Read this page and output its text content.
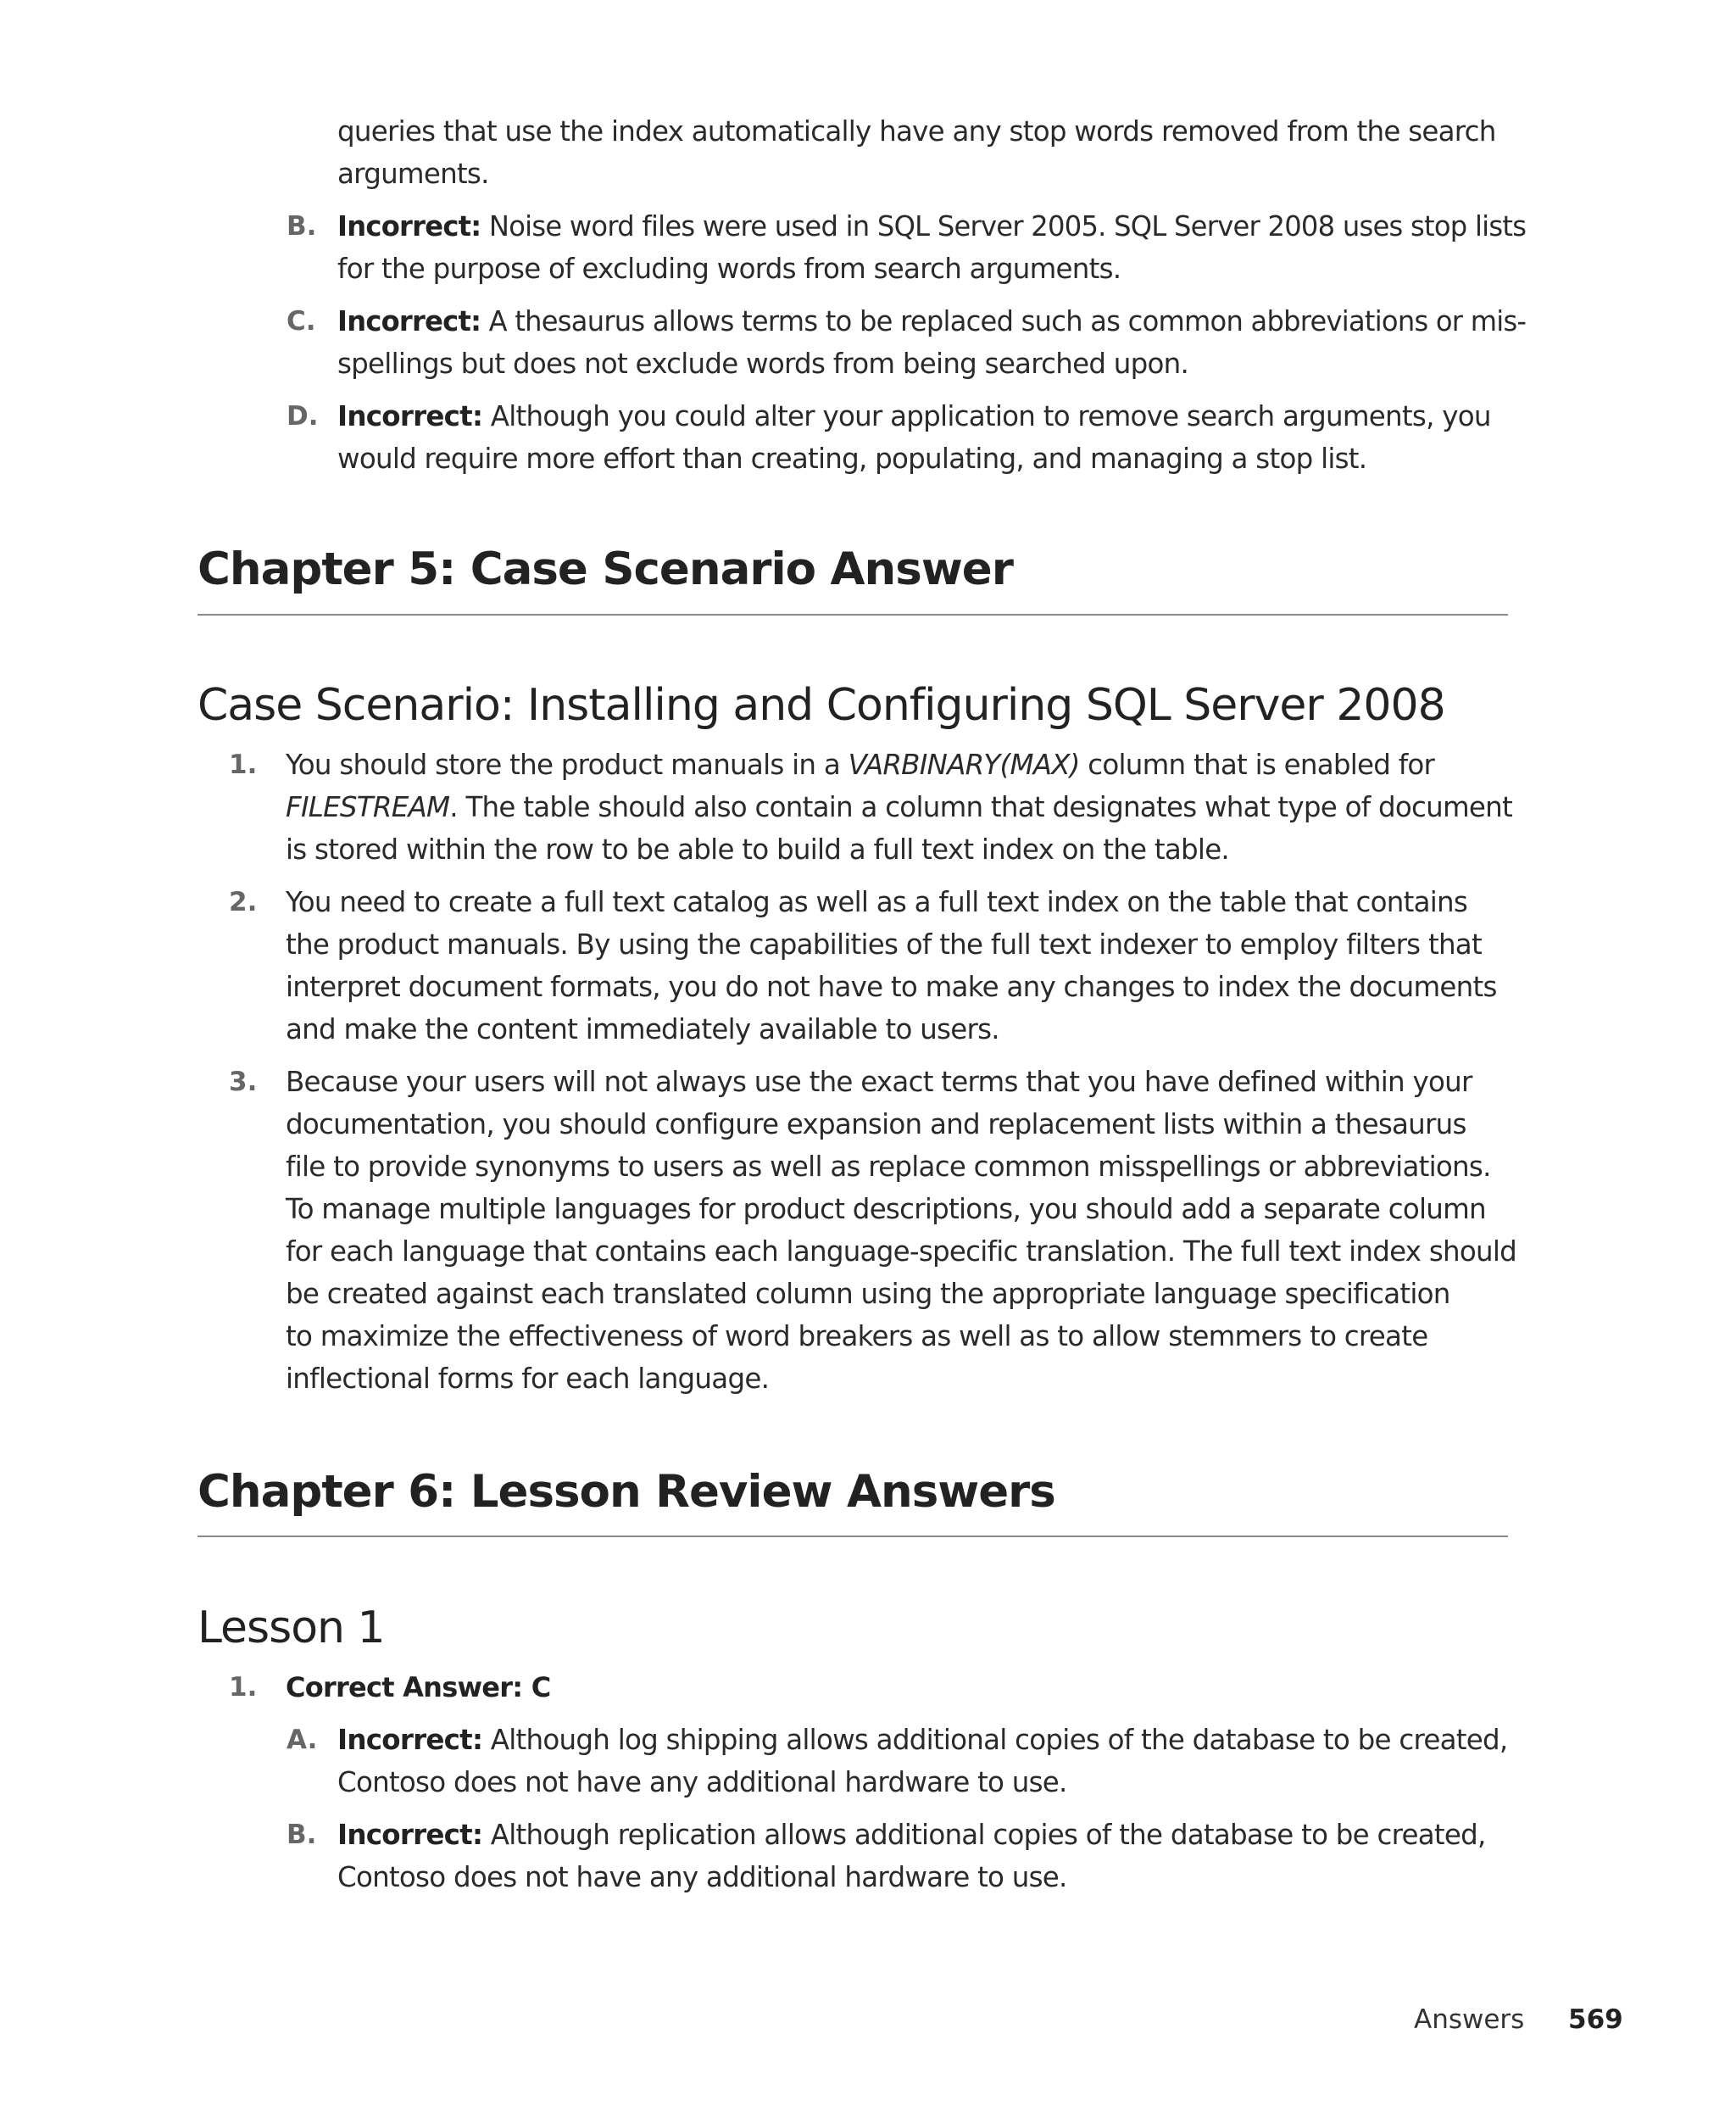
queries that use the index automatically have any stop words removed from the search
arguments.
B. Incorrect: Noise word files were used in SQL Server 2005. SQL Server 2008 uses stop lists
for the purpose of excluding words from search arguments.
C. Incorrect: A thesaurus allows terms to be replaced such as common abbreviations or mis-
spellings but does not exclude words from being searched upon.
D. Incorrect: Although you could alter your application to remove search arguments, you
would require more effort than creating, populating, and managing a stop list.
Chapter 5: Case Scenario Answer
Case Scenario: Installing and Configuring SQL Server 2008
1. You should store the product manuals in a VARBINARY(MAX) column that is enabled for
FILESTREAM. The table should also contain a column that designates what type of document
is stored within the row to be able to build a full text index on the table.
2. You need to create a full text catalog as well as a full text index on the table that contains
the product manuals. By using the capabilities of the full text indexer to employ filters that
interpret document formats, you do not have to make any changes to index the documents
and make the content immediately available to users.
3. Because your users will not always use the exact terms that you have defined within your
documentation, you should configure expansion and replacement lists within a thesaurus
file to provide synonyms to users as well as replace common misspellings or abbreviations.
To manage multiple languages for product descriptions, you should add a separate column
for each language that contains each language-specific translation. The full text index should
be created against each translated column using the appropriate language specification
to maximize the effectiveness of word breakers as well as to allow stemmers to create
inflectional forms for each language.
Chapter 6: Lesson Review Answers
Lesson 1
1. Correct Answer: C
A. Incorrect: Although log shipping allows additional copies of the database to be created,
Contoso does not have any additional hardware to use.
B. Incorrect: Although replication allows additional copies of the database to be created,
Contoso does not have any additional hardware to use.
Answers 569
